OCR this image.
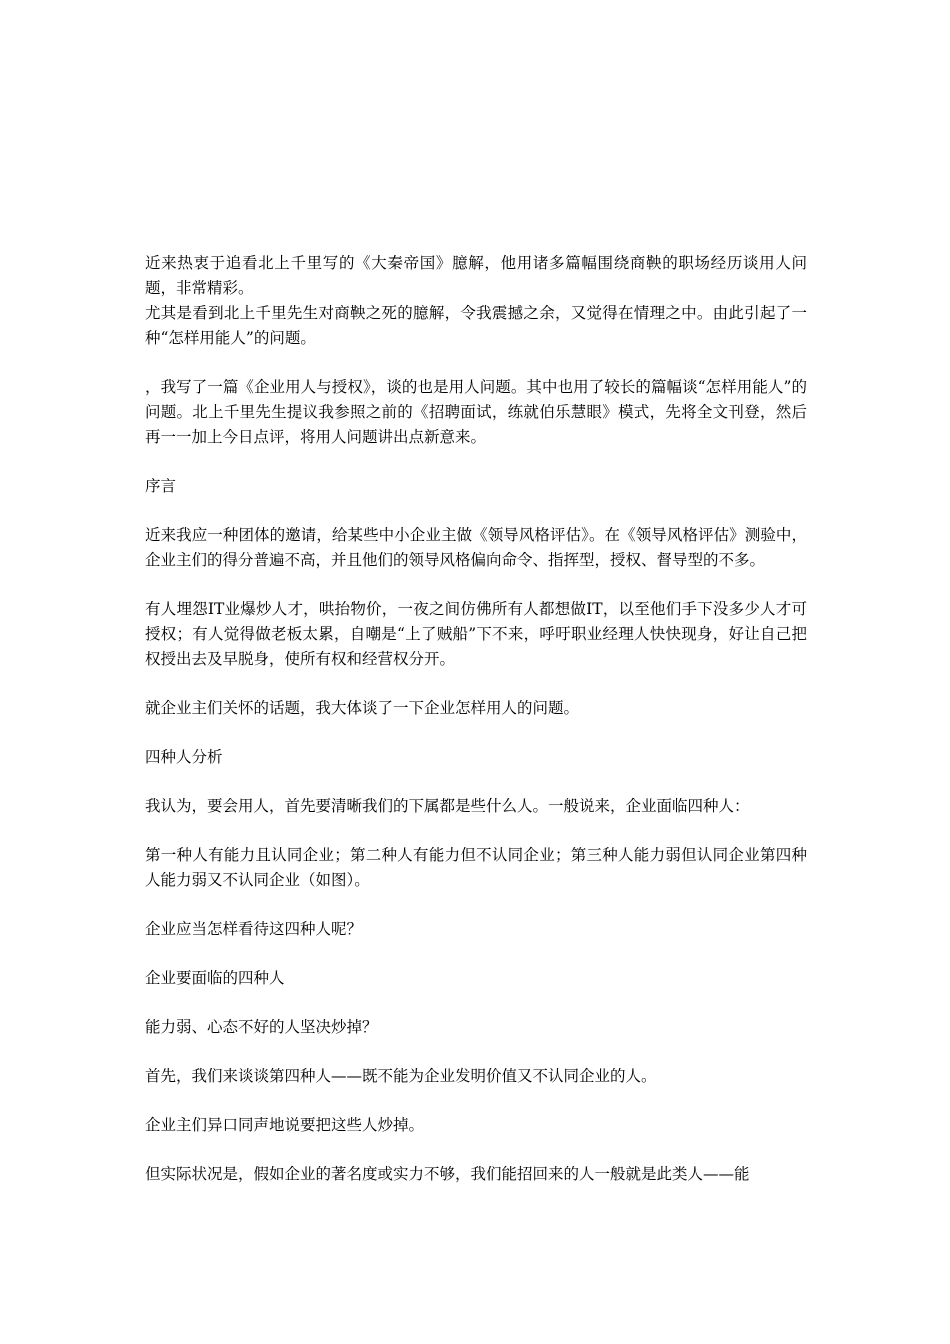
近来热衷于追看北上千里写的《大秦帝国》臆解，他用诸多篇幅围绕商鞅的职场经历谈用人问题，非常精彩。

尤其是看到北上千里先生对商鞅之死的臆解，令我震撼之余，又觉得在情理之中。由此引起了一种“怎样用能人”的问题。

，我写了一篇《企业用人与授权》，谈的也是用人问题。其中也用了较长的篇幅谈“怎样用能人”的问题。北上千里先生提议我参照之前的《招聘面试，练就伯乐慧眼》模式，先将全文刊登，然后再一一加上今日点评，将用人问题讲出点新意来。

序言

近来我应一种团体的邀请，给某些中小企业主做《领导风格评估》。在《领导风格评估》测验中，企业主们的得分普遍不高，并且他们的领导风格偏向命令、指挥型，授权、督导型的不多。

有人埋怨IT业爆炒人才，哄抬物价，一夜之间仿佛所有人都想做IT，以至他们手下没多少人才可授权；有人觉得做老板太累，自嘲是“上了贼船”下不来，呼吁职业经理人快快现身，好让自己把权授出去及早脱身，使所有权和经营权分开。

就企业主们关怀的话题，我大体谈了一下企业怎样用人的问题。

四种人分析

我认为，要会用人，首先要清晰我们的下属都是些什么人。一般说来，企业面临四种人：

第一种人有能力且认同企业；第二种人有能力但不认同企业；第三种人能力弱但认同企业第四种人能力弱又不认同企业（如图）。

企业应当怎样看待这四种人呢？

企业要面临的四种人

能力弱、心态不好的人坚决炒掉？

首先，我们来谈谈第四种人——既不能为企业发明价值又不认同企业的人。

企业主们异口同声地说要把这些人炒掉。

但实际状况是，假如企业的著名度或实力不够，我们能招回来的人一般就是此类人——能
